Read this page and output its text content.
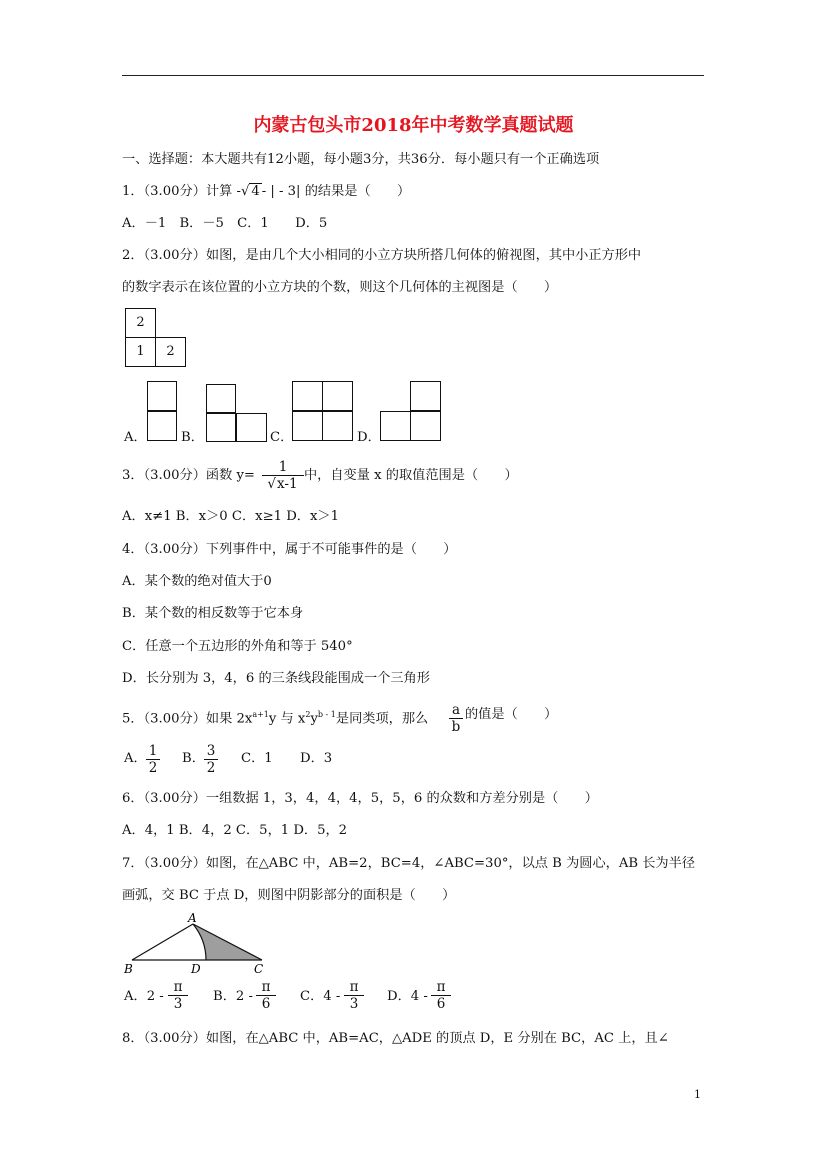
内蒙古包头市2018年中考数学真题试题
一、选择题：本大题共有12小题，每小题3分，共36分．每小题只有一个正确选项
1．（3.00分）计算 -√ 4 - | - 3| 的结果是（　　）
A．－1　B．－5　C．1　　D．5
2．（3.00分）如图，是由几个大小相同的小立方块所搭几何体的俯视图，其中小正方形中
的数字表示在该位置的小立方块的个数，则这个几何体的主视图是（　　）
2
1	2
A．	B．	C．	D．
3．（3.00分）函数 y=
1
√x-1
中，自变量 x 的取值范围是（　　）
A．x≠1 B．x＞0 C．x≥1 D．x＞1
4．（3.00分）下列事件中，属于不可能事件的是（　　）
A．某个数的绝对值大于0
B．某个数的相反数等于它本身
C．任意一个五边形的外角和等于 540°
D．长分别为 3，4，6 的三条线段能围成一个三角形
5．（3.00分）如果 $2x^{a+1}y$ 与 $x^2y^{b - 1}$是同类项，那么
a
b
的值是（　　）
A． 1
2
B． 3
2
C．1 D．3
6．（3.00分）一组数据 1，3，4，4，4，5，5，6 的众数和方差分别是（　　）
A．4，1 B．4，2 C．5，1 D．5，2
7．（3.00分）如图，在△ABC 中，AB=2，BC=4，∠ABC=30°，以点 B 为圆心，AB 长为半径
画弧，交 BC 于点 D，则图中阴影部分的面积是（　　）
A
B	D	C
A．2 -
π
3	B．2 -
π
6	C．4 -
π
3	D．4 -
π
6
8．（3.00分）如图，在△ABC 中，AB=AC，△ADE 的顶点 D，E 分别在 BC，AC 上，且∠
1
